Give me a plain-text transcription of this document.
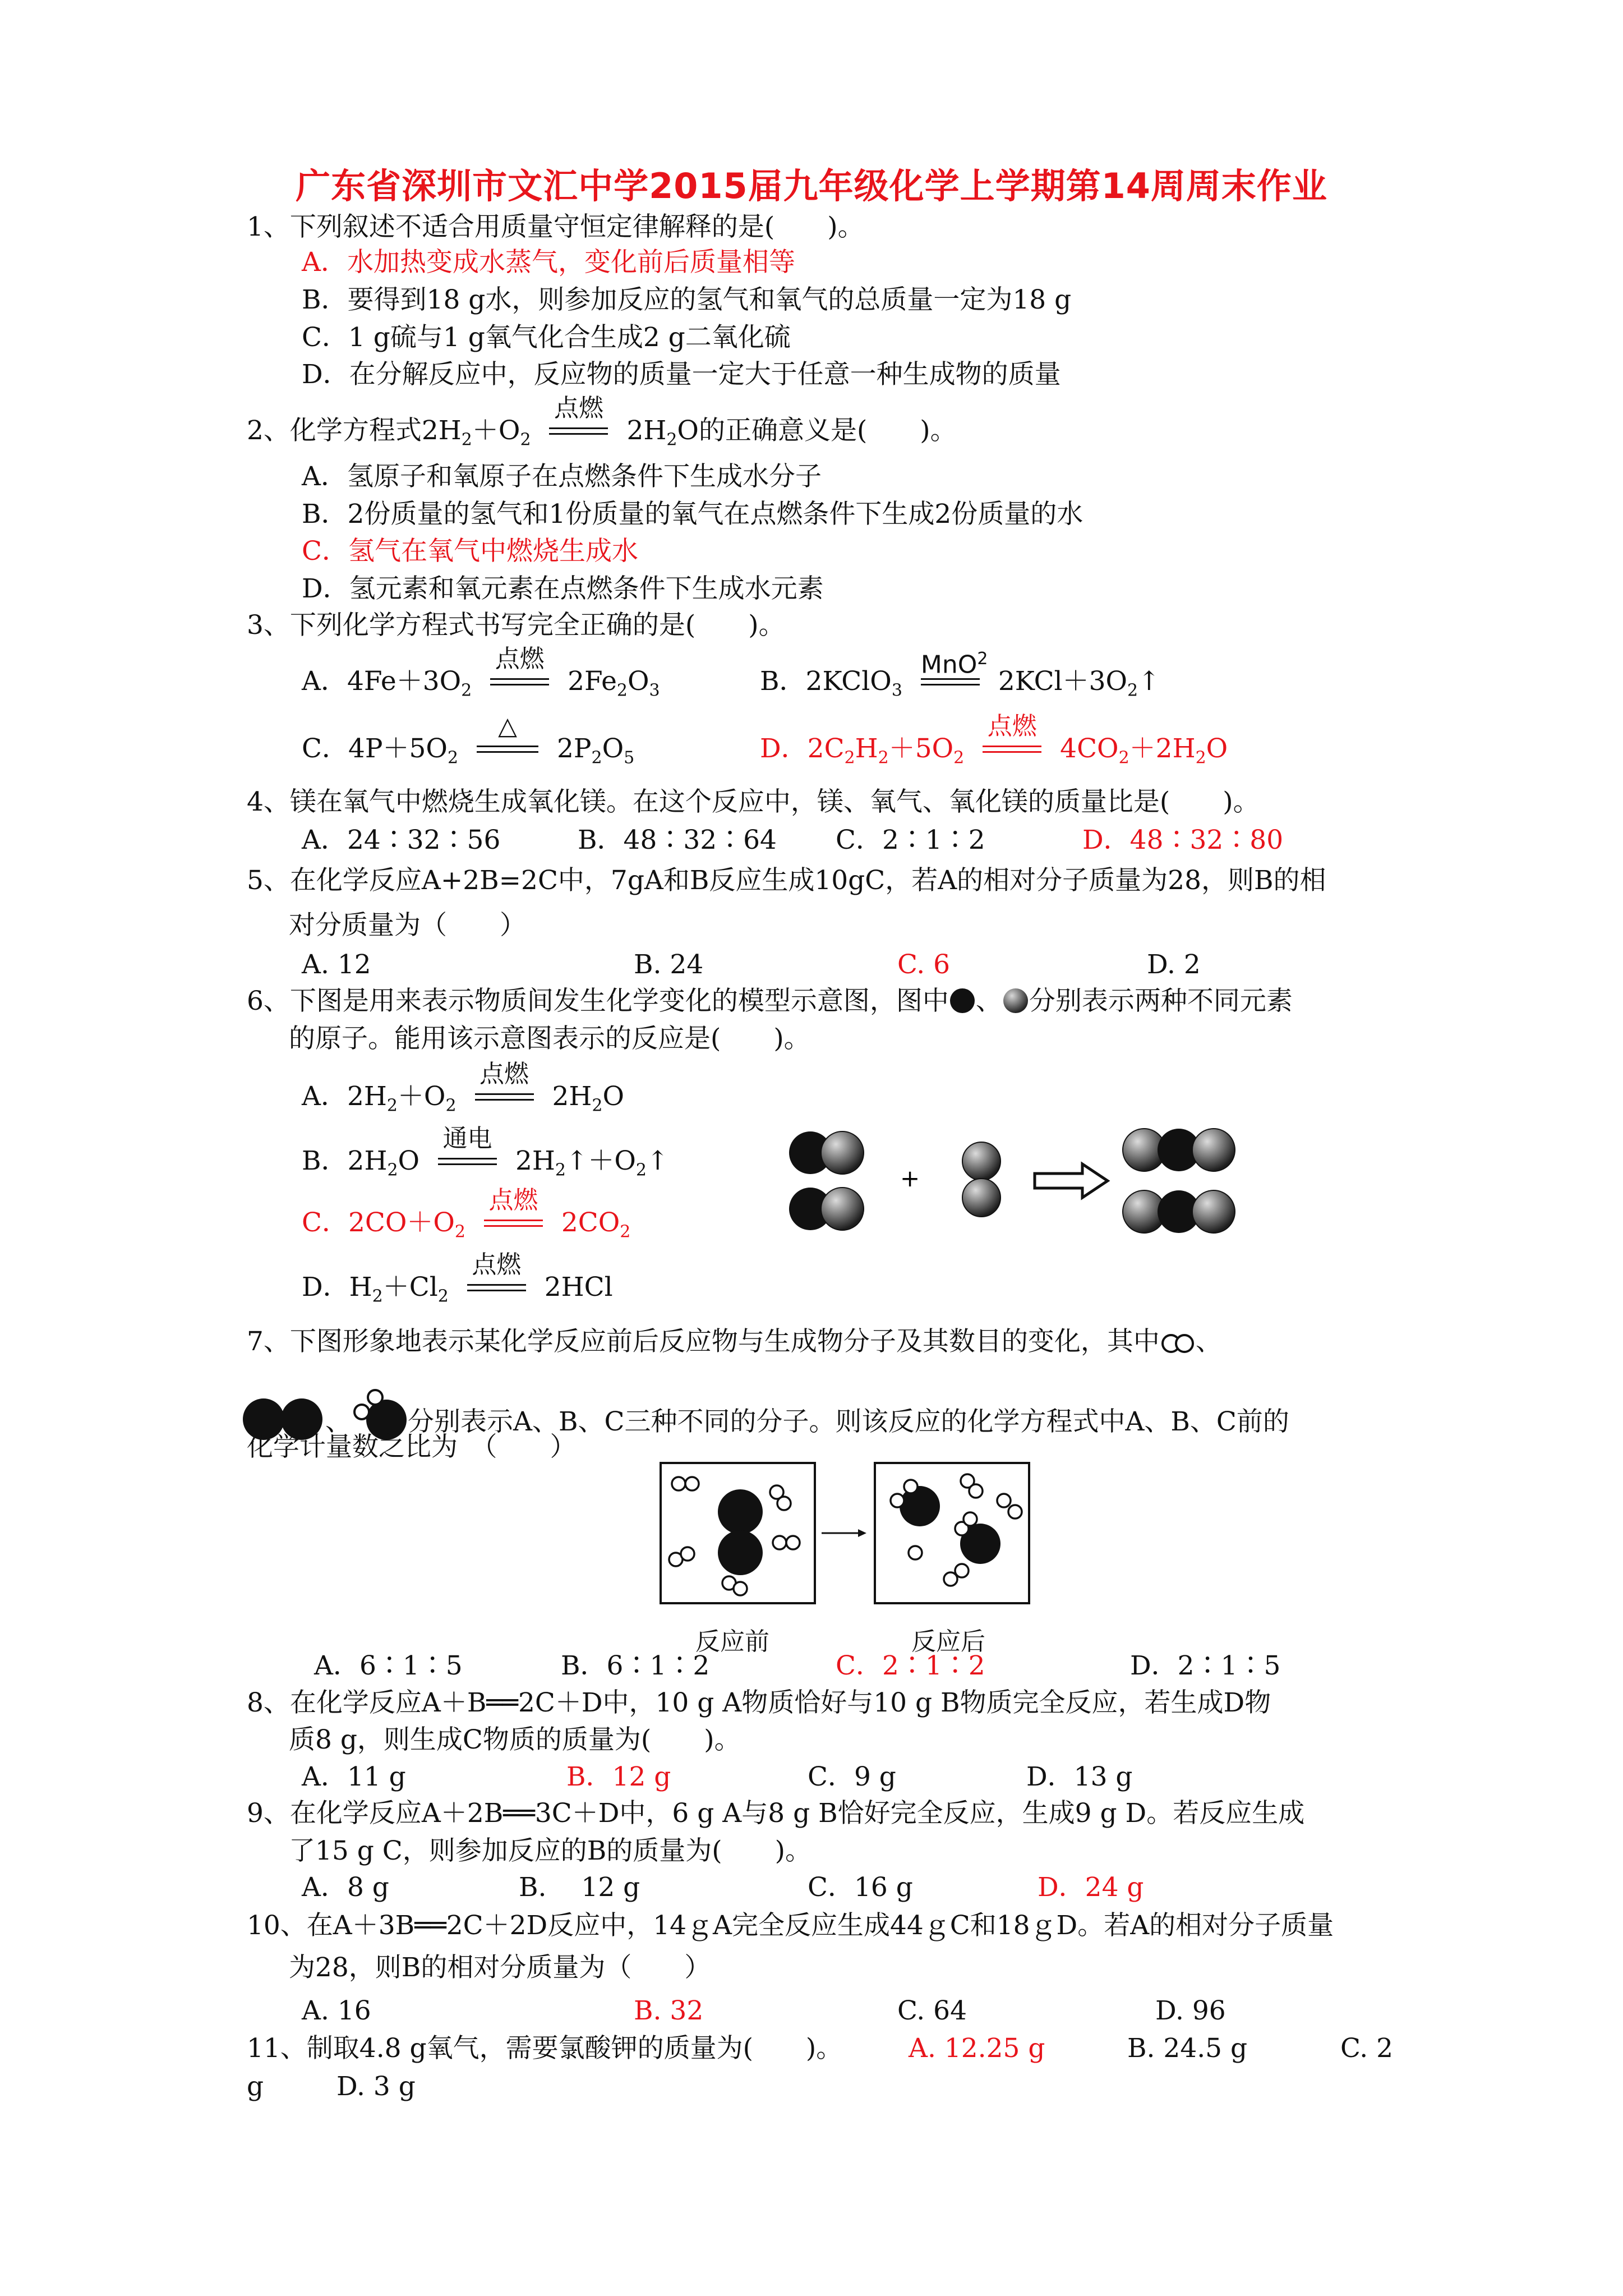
广东省深圳市文汇中学2015届九年级化学上学期第14周周末作业
1、下列叙述不适合用质量守恒定律解释的是(　　)。
A．水加热变成水蒸气，变化前后质量相等
B．要得到18 g水，则参加反应的氢气和氧气的总质量一定为18 g
C．1 g硫与1 g氧气化合生成2 g二氧化硫
D．在分解反应中，反应物的质量一定大于任意一种生成物的质量
2、化学方程式$2H_2+O_2$
点燃
$2H_2O$的正确意义是(　　)。
A．氢原子和氧原子在点燃条件下生成水分子
B．2份质量的氢气和1份质量的氧气在点燃条件下生成2份质量的水
C．氢气在氧气中燃烧生成水
D．氢元素和氧元素在点燃条件下生成水元素
3、下列化学方程式书写完全正确的是(　　)。
A．$4Fe+3O_2$
点燃
$2Fe_2O_3$	B．2KClO$_3$
MnO$^2$
$2KCl+3O_2↑$
C．$4P+5O_2$
△
$2P_2O_5$	D．$2C_2H_2+5O_2$
点燃
$4CO_2+2H_2O$
4、镁在氧气中燃烧生成氧化镁。在这个反应中，镁、氧气、氧化镁的质量比是(　　)。
A．24∶32∶56	B．48∶32∶64 C．2∶1∶2	D．48∶32∶80
5、在化学反应A+2B=2C中，7gA和B反应生成10gC，若A的相对分子质量为28，则B的相
对分质量为（　　）
A. 12	B. 24	C. 6	D. 2
6、下图是用来表示物质间发生化学变化的模型示意图，图中 、 分别表示两种不同元素
的原子。能用该示意图表示的反应是(　　)。
A．$2H_2+O_2$
点燃
$2H_2O$
B．$2H_2O$
通电
$2H_2↑+O_2↑$
C．$2CO+O_2$
点燃
$2CO_2$
D．$H_2+Cl_2$
点燃
2HCl
+
7、下图形象地表示某化学反应前后反应物与生成物分子及其数目的变化，其中 、
、 分别表示A、B、C三种不同的分子。则该反应的化学方程式中A、B、C前的
化学计量数之比为　（　　）
反应前	反应后
A．6∶1∶5	B．6∶1∶2	C．2∶1∶2	D．2∶1∶5
8、在化学反应A＋B══2C＋D中，10 g A物质恰好与10 g B物质完全反应，若生成D物
质8 g，则生成C物质的质量为(　　)。
A．11 g	B．12 g	C．9 g	D．13 g
9、在化学反应A＋2B══3C＋D中，6 g A与8 g B恰好完全反应，生成9 g D。若反应生成
了15 g C，则参加反应的B的质量为(　　)。
A．8 g	B.　 12 g	C．16 g	D．24 g
10、在A＋3B══2C＋2D反应中，14ｇA完全反应生成44ｇC和18ｇD。若A的相对分子质量
为28，则B的相对分质量为（　　）
A. 16	B. 32	C. 64	D. 96
11、制取4.8 g氧气，需要氯酸钾的质量为(　　)。	A. 12.25 g	B. 24.5 g	C. 2
g	D. 3 g
